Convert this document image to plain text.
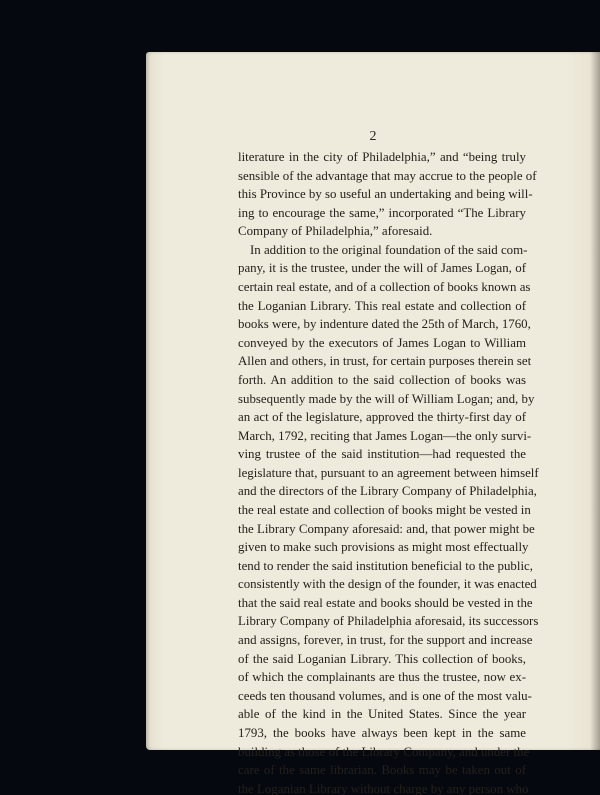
2

literature in the city of Philadelphia,” and “being truly
sensible of the advantage that may accrue to the people of
this Province by so useful an undertaking and being will-
ing to encourage the same,” incorporated “The Library
Company of Philadelphia,” aforesaid.
In addition to the original foundation of the said com-
pany, it is the trustee, under the will of James Logan, of
certain real estate, and of a collection of books known as
the Loganian Library. This real estate and collection of
books were, by indenture dated the 25th of March, 1760,
conveyed by the executors of James Logan to William
Allen and others, in trust, for certain purposes therein set
forth. An addition to the said collection of books was
subsequently made by the will of William Logan; and, by
an act of the legislature, approved the thirty-first day of
March, 1792, reciting that James Logan—the only survi-
ving trustee of the said institution—had requested the
legislature that, pursuant to an agreement between himself
and the directors of the Library Company of Philadelphia,
the real estate and collection of books might be vested in
the Library Company aforesaid: and, that power might be
given to make such provisions as might most effectually
tend to render the said institution beneficial to the public,
consistently with the design of the founder, it was enacted
that the said real estate and books should be vested in the
Library Company of Philadelphia aforesaid, its successors
and assigns, forever, in trust, for the support and increase
of the said Loganian Library. This collection of books,
of which the complainants are thus the trustee, now ex-
ceeds ten thousand volumes, and is one of the most valu-
able of the kind in the United States. Since the year
1793, the books have always been kept in the same
building as those of the Library Company, and under the
care of the same librarian. Books may be taken out of
the Loganian Library without charge by any person who
